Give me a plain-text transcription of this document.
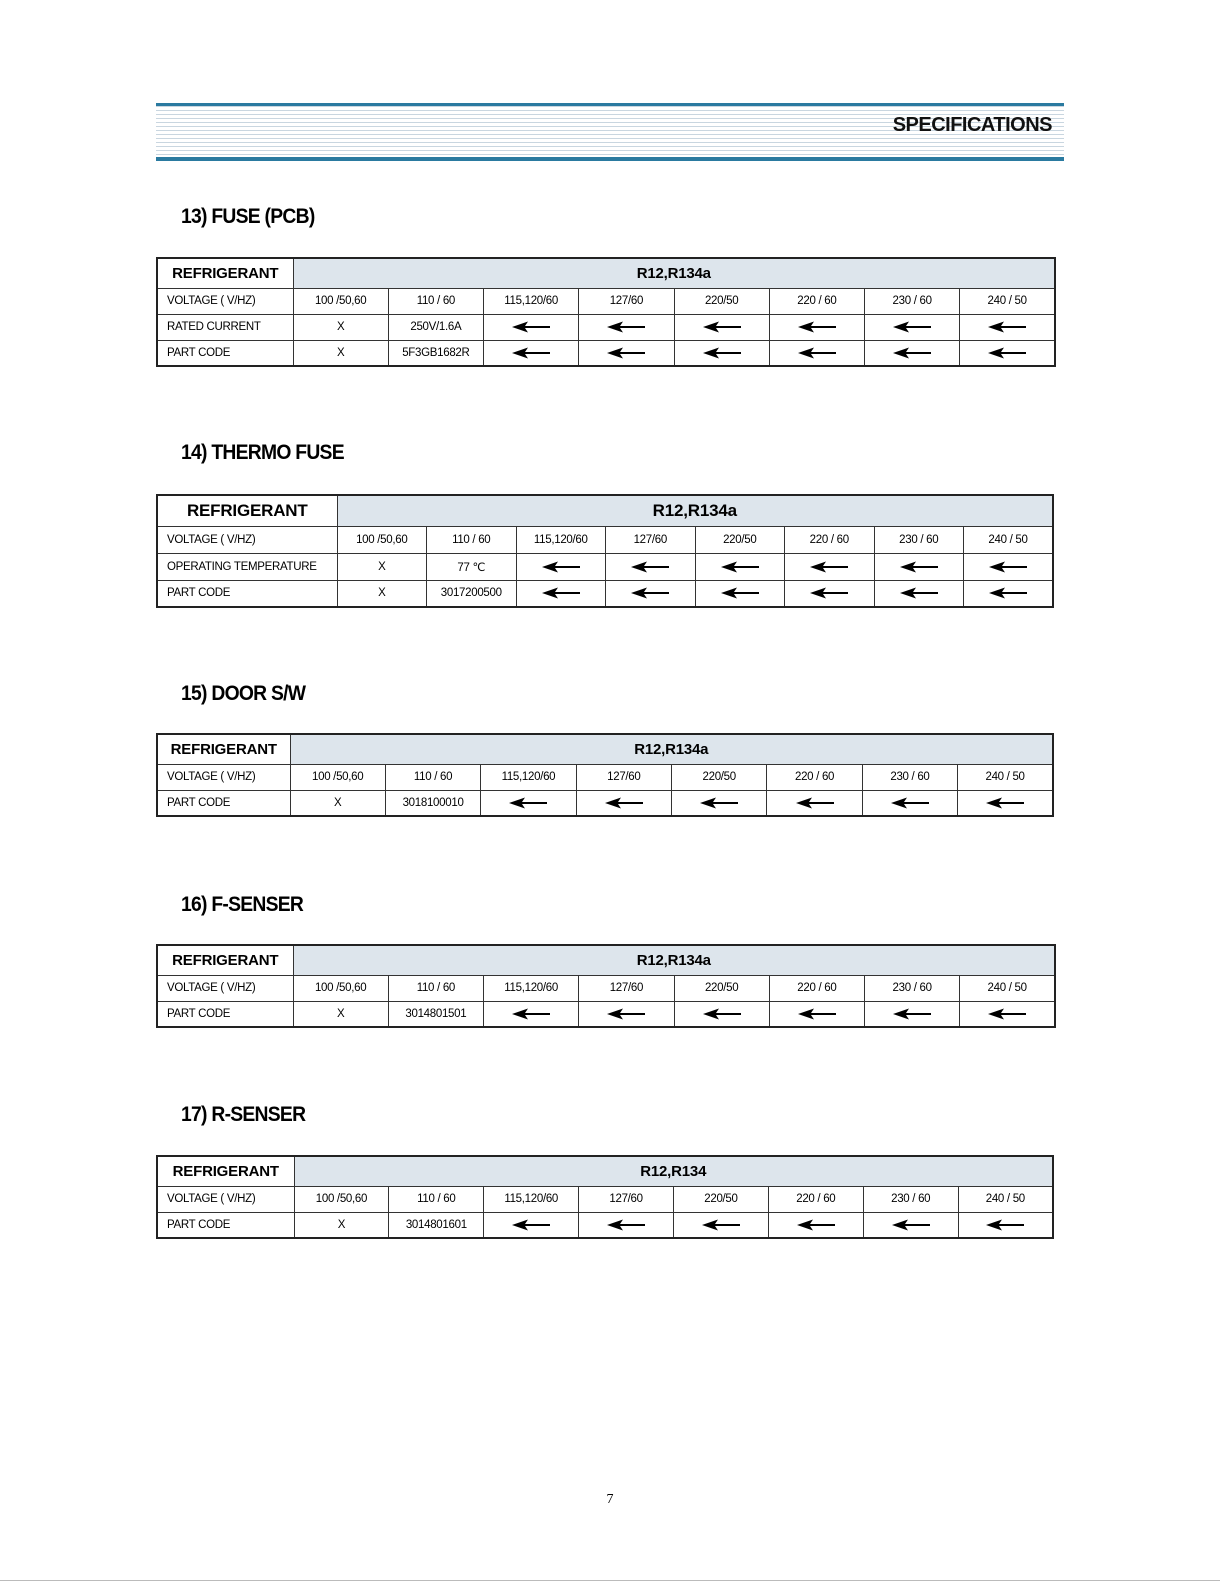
SPECIFICATIONS
13) FUSE (PCB)
REFRIGERANT	R12,R134a							
VOLTAGE ( V/HZ)	100 /50,60	110 / 60	115,120/60	127/60	220/50	220 / 60	230 / 60	240 / 50
RATED CURRENT	X	250V/1.6A						
PART CODE	X	5F3GB1682R						
14) THERMO FUSE
REFRIGERANT	R12,R134a							
VOLTAGE ( V/HZ)	100 /50,60	110 / 60	115,120/60	127/60	220/50	220 / 60	230 / 60	240 / 50
OPERATING TEMPERATURE	X	77 ℃						
PART CODE	X	3017200500						
15) DOOR S/W
REFRIGERANT	R12,R134a							
VOLTAGE ( V/HZ)	100 /50,60	110 / 60	115,120/60	127/60	220/50	220 / 60	230 / 60	240 / 50
PART CODE	X	3018100010						
16) F-SENSER
REFRIGERANT	R12,R134a							
VOLTAGE ( V/HZ)	100 /50,60	110 / 60	115,120/60	127/60	220/50	220 / 60	230 / 60	240 / 50
PART CODE	X	3014801501						
17) R-SENSER
REFRIGERANT	R12,R134							
VOLTAGE ( V/HZ)	100 /50,60	110 / 60	115,120/60	127/60	220/50	220 / 60	230 / 60	240 / 50
PART CODE	X	3014801601						
7
